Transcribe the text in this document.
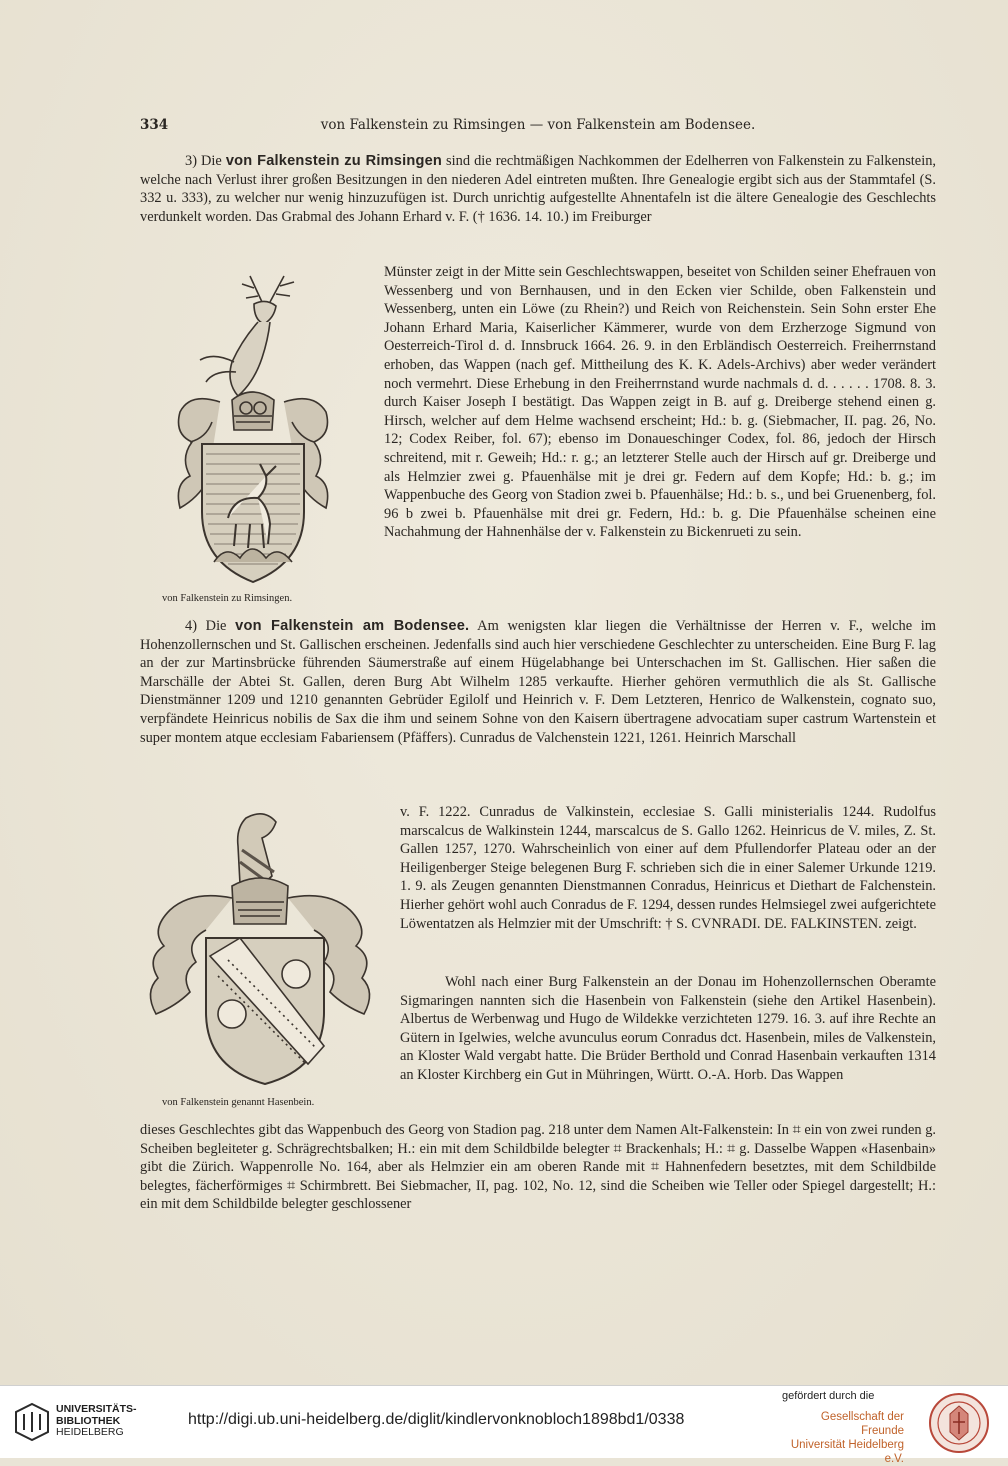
334	von Falkenstein zu Rimsingen — von Falkenstein am Bodensee.

3) Die von Falkenstein zu Rimsingen sind die rechtmäßigen Nachkommen der Edelherren von Falkenstein zu Falkenstein, welche nach Verlust ihrer großen Besitzungen in den niederen Adel eintreten mußten. Ihre Genealogie ergibt sich aus der Stammtafel (S. 332 u. 333), zu welcher nur wenig hinzuzufügen ist. Durch unrichtig aufgestellte Ahnentafeln ist die ältere Genealogie des Geschlechts verdunkelt worden. Das Grabmal des Johann Erhard v. F. († 1636. 14. 10.) im Freiburger

von Falkenstein zu Rimsingen.

Münster zeigt in der Mitte sein Geschlechtswappen, beseitet von Schilden seiner Ehefrauen von Wessenberg und von Bernhausen, und in den Ecken vier Schilde, oben Falkenstein und Wessenberg, unten ein Löwe (zu Rhein?) und Reich von Reichenstein. Sein Sohn erster Ehe Johann Erhard Maria, Kaiserlicher Kämmerer, wurde von dem Erzherzoge Sigmund von Oesterreich-Tirol d. d. Innsbruck 1664. 26. 9. in den Erbländisch Oesterreich. Freiherrnstand erhoben, das Wappen (nach gef. Mittheilung des K. K. Adels-Archivs) aber weder verändert noch vermehrt. Diese Erhebung in den Freiherrnstand wurde nachmals d. d. . . . . . 1708. 8. 3. durch Kaiser Joseph I bestätigt. Das Wappen zeigt in B. auf g. Dreiberge stehend einen g. Hirsch, welcher auf dem Helme wachsend erscheint; Hd.: b. g. (Siebmacher, II. pag. 26, No. 12; Codex Reiber, fol. 67); ebenso im Donaueschinger Codex, fol. 86, jedoch der Hirsch schreitend, mit r. Geweih; Hd.: r. g.; an letzterer Stelle auch der Hirsch auf gr. Dreiberge und als Helmzier zwei g. Pfauenhälse mit je drei gr. Federn auf dem Kopfe; Hd.: b. g.; im Wappenbuche des Georg von Stadion zwei b. Pfauenhälse; Hd.: b. s., und bei Gruenenberg, fol. 96 b zwei b. Pfauenhälse mit drei gr. Federn, Hd.: b. g. Die Pfauenhälse scheinen eine Nachahmung der Hahnenhälse der v. Falkenstein zu Bickenrueti zu sein.

4) Die von Falkenstein am Bodensee. Am wenigsten klar liegen die Verhältnisse der Herren v. F., welche im Hohenzollernschen und St. Gallischen erscheinen. Jedenfalls sind auch hier verschiedene Geschlechter zu unterscheiden. Eine Burg F. lag an der zur Martinsbrücke führenden Säumerstraße auf einem Hügelabhange bei Unterschachen im St. Gallischen. Hier saßen die Marschälle der Abtei St. Gallen, deren Burg Abt Wilhelm 1285 verkaufte. Hierher gehören vermuthlich die als St. Gallische Dienstmänner 1209 und 1210 genannten Gebrüder Egilolf und Heinrich v. F. Dem Letzteren, Henrico de Walkenstein, cognato suo, verpfändete Heinricus nobilis de Sax die ihm und seinem Sohne von den Kaisern übertragene advocatiam super castrum Wartenstein et super montem atque ecclesiam Fabariensem (Pfäffers). Cunradus de Valchenstein 1221, 1261. Heinrich Marschall

von Falkenstein genannt Hasenbein.

v. F. 1222. Cunradus de Valkinstein, ecclesiae S. Galli ministerialis 1244. Rudolfus marscalcus de Walkinstein 1244, marscalcus de S. Gallo 1262. Heinricus de V. miles, Z. St. Gallen 1257, 1270. Wahrscheinlich von einer auf dem Pfullendorfer Plateau oder an der Heiligenberger Steige belegenen Burg F. schrieben sich die in einer Salemer Urkunde 1219. 1. 9. als Zeugen genannten Dienstmannen Conradus, Heinricus et Diethart de Falchenstein. Hierher gehört wohl auch Conradus de F. 1294, dessen rundes Helmsiegel zwei aufgerichtete Löwentatzen als Helmzier mit der Umschrift: † S. CVNRADI. DE. FALKINSTEN. zeigt.

Wohl nach einer Burg Falkenstein an der Donau im Hohenzollernschen Oberamte Sigmaringen nannten sich die Hasenbein von Falkenstein (siehe den Artikel Hasenbein). Albertus de Werbenwag und Hugo de Wildekke verzichteten 1279. 16. 3. auf ihre Rechte an Gütern in Igelwies, welche avunculus eorum Conradus dct. Hasenbein, miles de Valkenstein, an Kloster Wald vergabt hatte. Die Brüder Berthold und Conrad Hasenbain verkauften 1314 an Kloster Kirchberg ein Gut in Mühringen, Württ. O.-A. Horb. Das Wappen

dieses Geschlechtes gibt das Wappenbuch des Georg von Stadion pag. 218 unter dem Namen Alt-Falkenstein: In ⌗ ein von zwei runden g. Scheiben begleiteter g. Schrägrechtsbalken; H.: ein mit dem Schildbilde belegter ⌗ Brackenhals; H.: ⌗ g. Dasselbe Wappen «Hasenbain» gibt die Zürich. Wappenrolle No. 164, aber als Helmzier ein am oberen Rande mit ⌗ Hahnenfedern besetztes, mit dem Schildbilde belegtes, fächerförmiges ⌗ Schirmbrett. Bei Siebmacher, II, pag. 102, No. 12, sind die Scheiben wie Teller oder Spiegel dargestellt; H.: ein mit dem Schildbilde belegter geschlossener

UNIVERSITÄTS-
BIBLIOTHEK
HEIDELBERG
http://digi.ub.uni-heidelberg.de/diglit/kindlervonknobloch1898bd1/0338
gefördert durch die
Gesellschaft der Freunde
Universität Heidelberg e.V.
